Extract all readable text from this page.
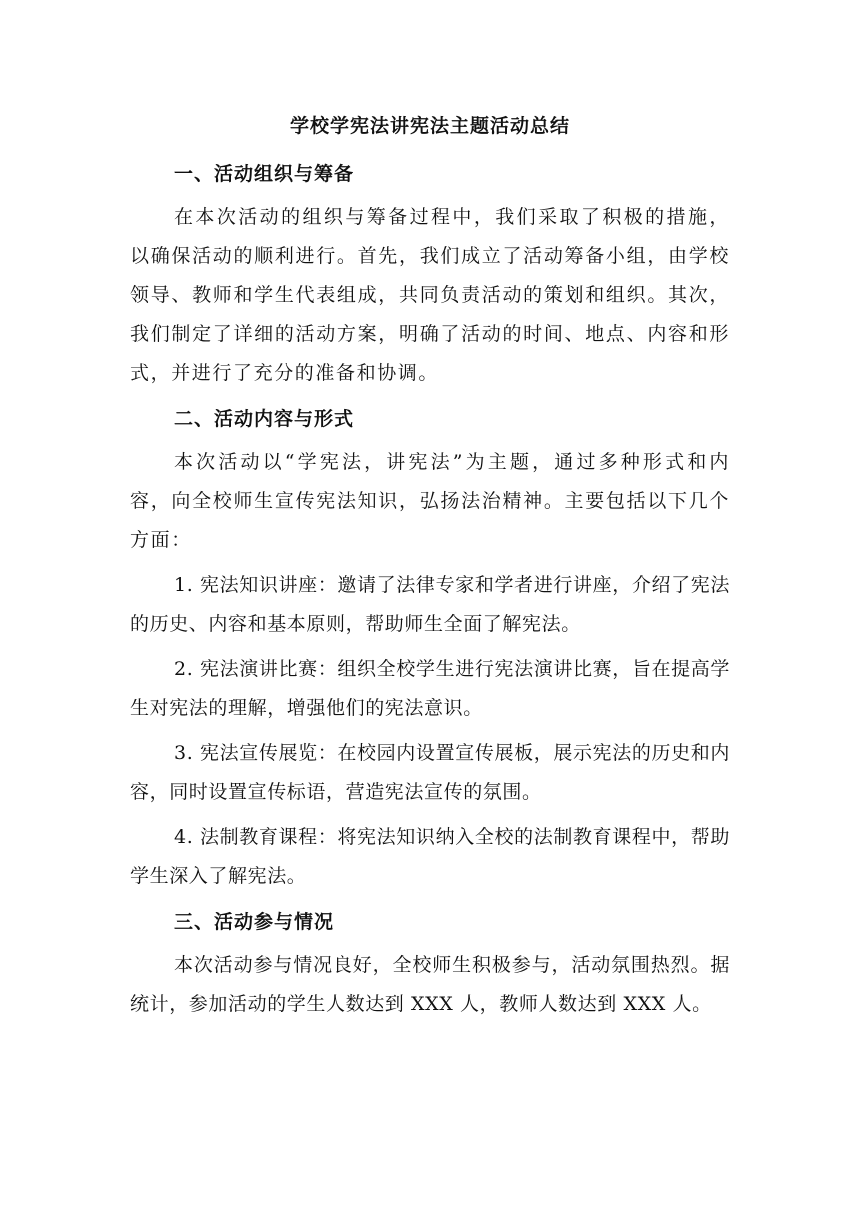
学校学宪法讲宪法主题活动总结
一、活动组织与筹备

在本次活动的组织与筹备过程中，我们采取了积极的措施，以确保活动的顺利进行。首先，我们成立了活动筹备小组，由学校领导、教师和学生代表组成，共同负责活动的策划和组织。其次，我们制定了详细的活动方案，明确了活动的时间、地点、内容和形式，并进行了充分的准备和协调。

二、活动内容与形式

本次活动以“学宪法，讲宪法”为主题，通过多种形式和内容，向全校师生宣传宪法知识，弘扬法治精神。主要包括以下几个方面：

1. 宪法知识讲座：邀请了法律专家和学者进行讲座，介绍了宪法的历史、内容和基本原则，帮助师生全面了解宪法。

2. 宪法演讲比赛：组织全校学生进行宪法演讲比赛，旨在提高学生对宪法的理解，增强他们的宪法意识。

3. 宪法宣传展览：在校园内设置宣传展板，展示宪法的历史和内容，同时设置宣传标语，营造宪法宣传的氛围。

4. 法制教育课程：将宪法知识纳入全校的法制教育课程中，帮助学生深入了解宪法。

三、活动参与情况

本次活动参与情况良好，全校师生积极参与，活动氛围热烈。据统计，参加活动的学生人数达到 XXX 人，教师人数达到 XXX 人。
